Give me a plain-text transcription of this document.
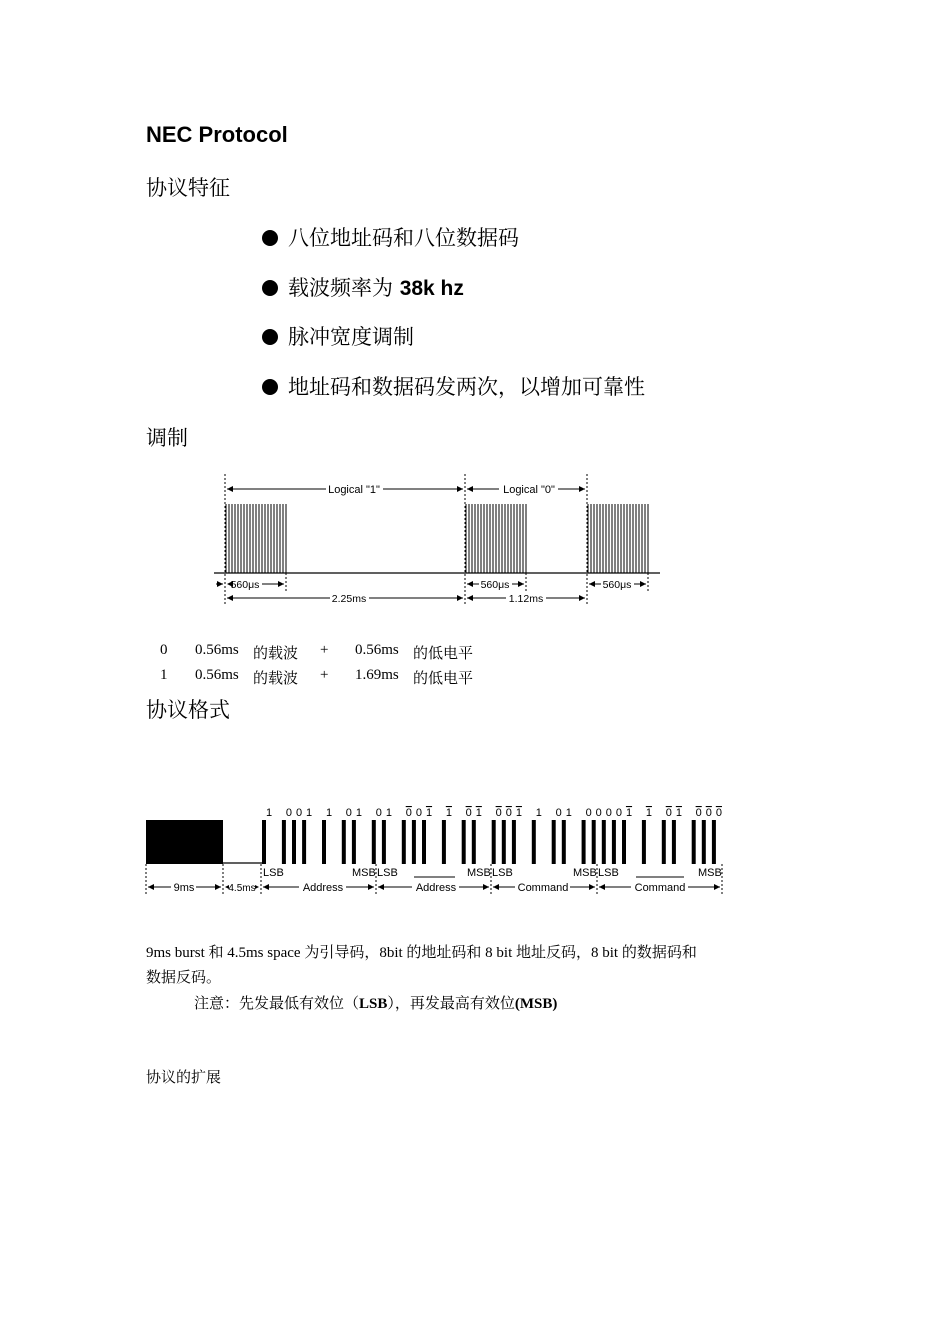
NEC Protocol
协议特征
八位地址码和八位数据码
载波频率为 38k hz
脉冲宽度调制
地址码和数据码发两次，以增加可靠性
调制
Logical "1"	Logical "0"
560μs	560μs	560μs
2.25ms	1.12ms
0 0.56ms 的载波 + 0.56ms 的低电平
1 0.56ms 的载波 + 1.69ms 的低电平
协议格式
1 0 0 1 1 0 1 0 1 0 0 1 1 0 1 0 0 1 1 0 1 0 0 0 0 1 1 0 1 0 0 0
LSB	MSB LSB	MSB LSB	MSB LSB	MSB
9ms	4.5ms	Address	Address	Command	Command
9ms burst 和 4.5ms space 为引导码，8bit 的地址码和 8 bit 地址反码，8 bit 的数据码和
数据反码。
注意：先发最低有效位（LSB），再发最高有效位(MSB)
协议的扩展
